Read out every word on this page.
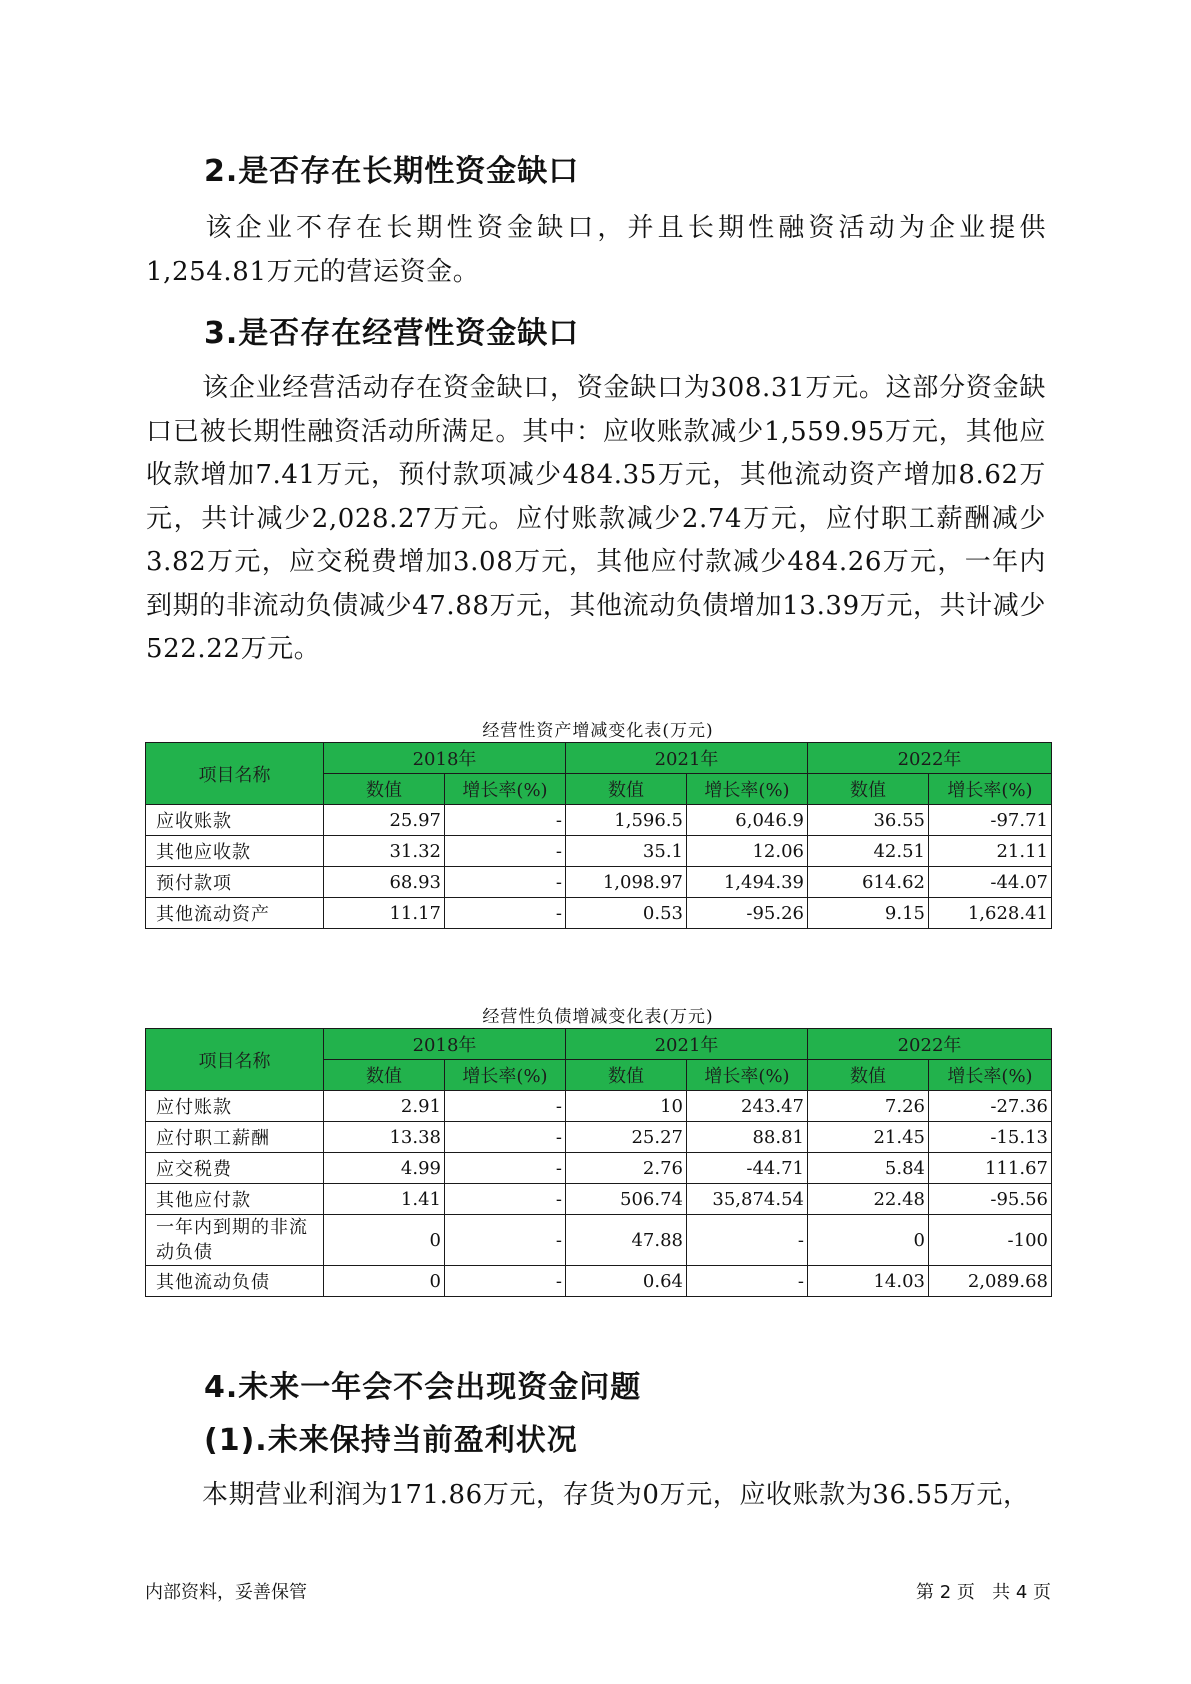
2.是否存在长期性资金缺口
该企业不存在长期性资金缺口，并且长期性融资活动为企业提供1,254.81万元的营运资金。
3.是否存在经营性资金缺口
该企业经营活动存在资金缺口，资金缺口为308.31万元。这部分资金缺口已被长期性融资活动所满足。其中：应收账款减少1,559.95万元，其他应收款增加7.41万元，预付款项减少484.35万元，其他流动资产增加8.62万元，共计减少2,028.27万元。应付账款减少2.74万元，应付职工薪酬减少3.82万元，应交税费增加3.08万元，其他应付款减少484.26万元，一年内到期的非流动负债减少47.88万元，其他流动负债增加13.39万元，共计减少522.22万元。
经营性资产增减变化表(万元)
项目名称	2018年		2021年		2022年	
	数值	增长率(%)	数值	增长率(%)	数值	增长率(%)
应收账款	25.97	-	1,596.5	6,046.9	36.55	-97.71
其他应收款	31.32	-	35.1	12.06	42.51	21.11
预付款项	68.93	-	1,098.97	1,494.39	614.62	-44.07
其他流动资产	11.17	-	0.53	-95.26	9.15	1,628.41
经营性负债增减变化表(万元)
项目名称	2018年		2021年		2022年	
	数值	增长率(%)	数值	增长率(%)	数值	增长率(%)
应付账款	2.91	-	10	243.47	7.26	-27.36
应付职工薪酬	13.38	-	25.27	88.81	21.45	-15.13
应交税费	4.99	-	2.76	-44.71	5.84	111.67
其他应付款	1.41	-	506.74	35,874.54	22.48	-95.56
一年内到期的非流动负债	0	-	47.88	-	0	-100
其他流动负债	0	-	0.64	-	14.03	2,089.68
4.未来一年会不会出现资金问题
(1).未来保持当前盈利状况
本期营业利润为171.86万元，存货为0万元，应收账款为36.55万元，
内部资料，妥善保管	第 2 页   共 4 页
